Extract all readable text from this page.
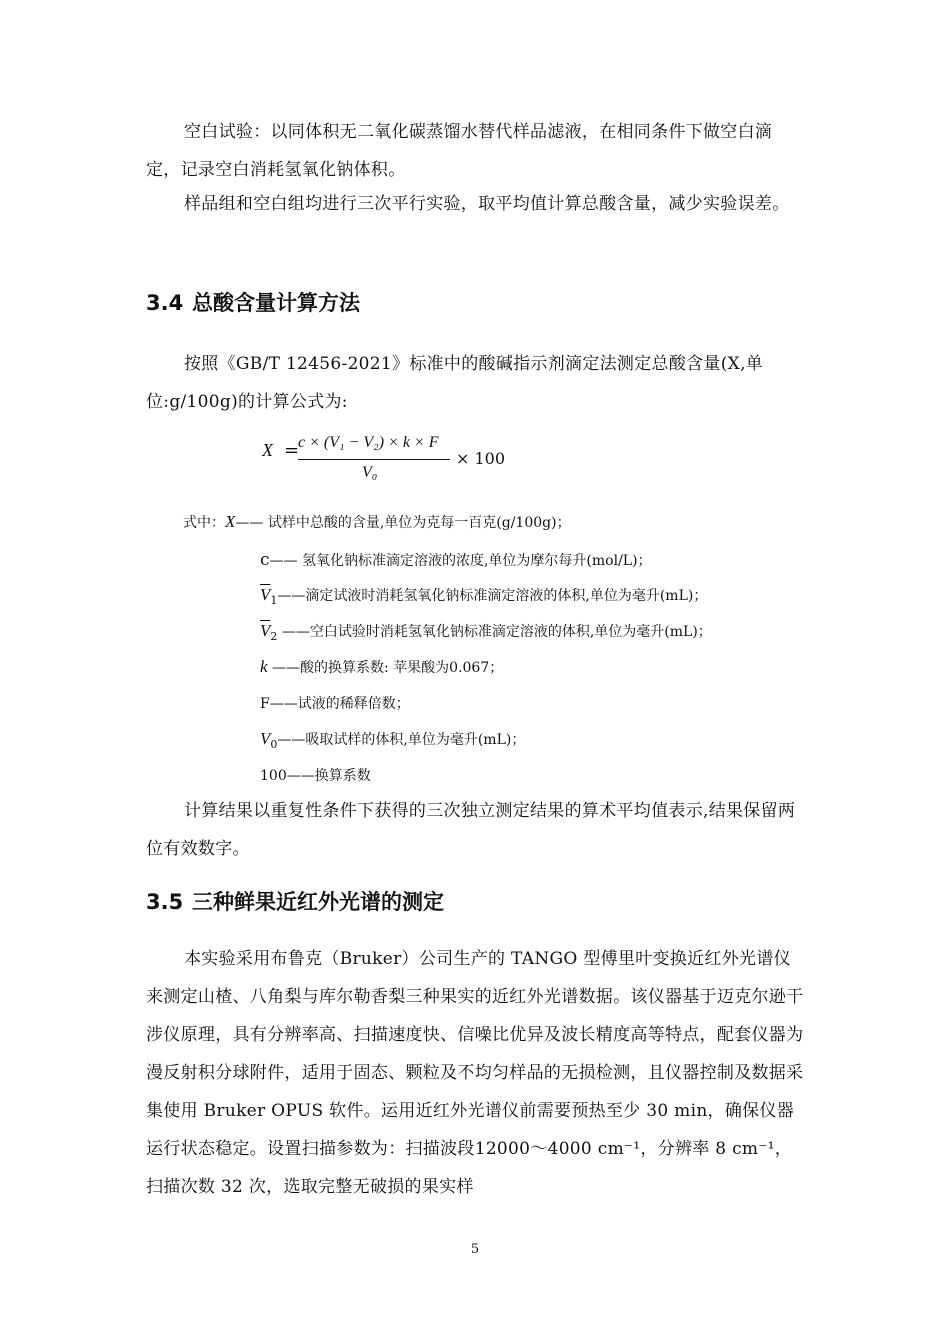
空白试验：以同体积无二氧化碳蒸馏水替代样品滤液，在相同条件下做空白滴定，记录空白消耗氢氧化钠体积。

样品组和空白组均进行三次平行实验，取平均值计算总酸含量，减少实验误差。

3.4 总酸含量计算方法

按照《GB/T 12456-2021》标准中的酸碱指示剂滴定法测定总酸含量(X,单位:g/100g)的计算公式为:

X =
c × (V₁ − V₂) × k × F
V₀
× 100
式中：X—— 试样中总酸的含量,单位为克每一百克(g/100g)；
c—— 氢氧化钠标准滴定溶液的浓度,单位为摩尔每升(mol/L)；
$\overline{V}_1——$滴定试液时消耗氢氧化钠标准滴定溶液的体积,单位为毫升(mL)；
$\overline{V}_2$ ——空白试验时消耗氢氧化钠标准滴定溶液的体积,单位为毫升(mL)；
k ——酸的换算系数: 苹果酸为0.067；
F——试液的稀释倍数；
$V_0——$吸取试样的体积,单位为毫升(mL)；
100——换算系数

计算结果以重复性条件下获得的三次独立测定结果的算术平均值表示,结果保留两位有效数字。

3.5 三种鲜果近红外光谱的测定

本实验采用布鲁克（Bruker）公司生产的 TANGO 型傅里叶变换近红外光谱仪来测定山楂、八角梨与库尔勒香梨三种果实的近红外光谱数据。该仪器基于迈克尔逊干涉仪原理，具有分辨率高、扫描速度快、信噪比优异及波长精度高等特点，配套仪器为漫反射积分球附件，适用于固态、颗粒及不均匀样品的无损检测，且仪器控制及数据采集使用 Bruker OPUS 软件。运用近红外光谱仪前需要预热至少 30 min，确保仪器运行状态稳定。设置扫描参数为：扫描波段12000～4000 cm⁻¹，分辨率 8 cm⁻¹，扫描次数 32 次，选取完整无破损的果实样

5
